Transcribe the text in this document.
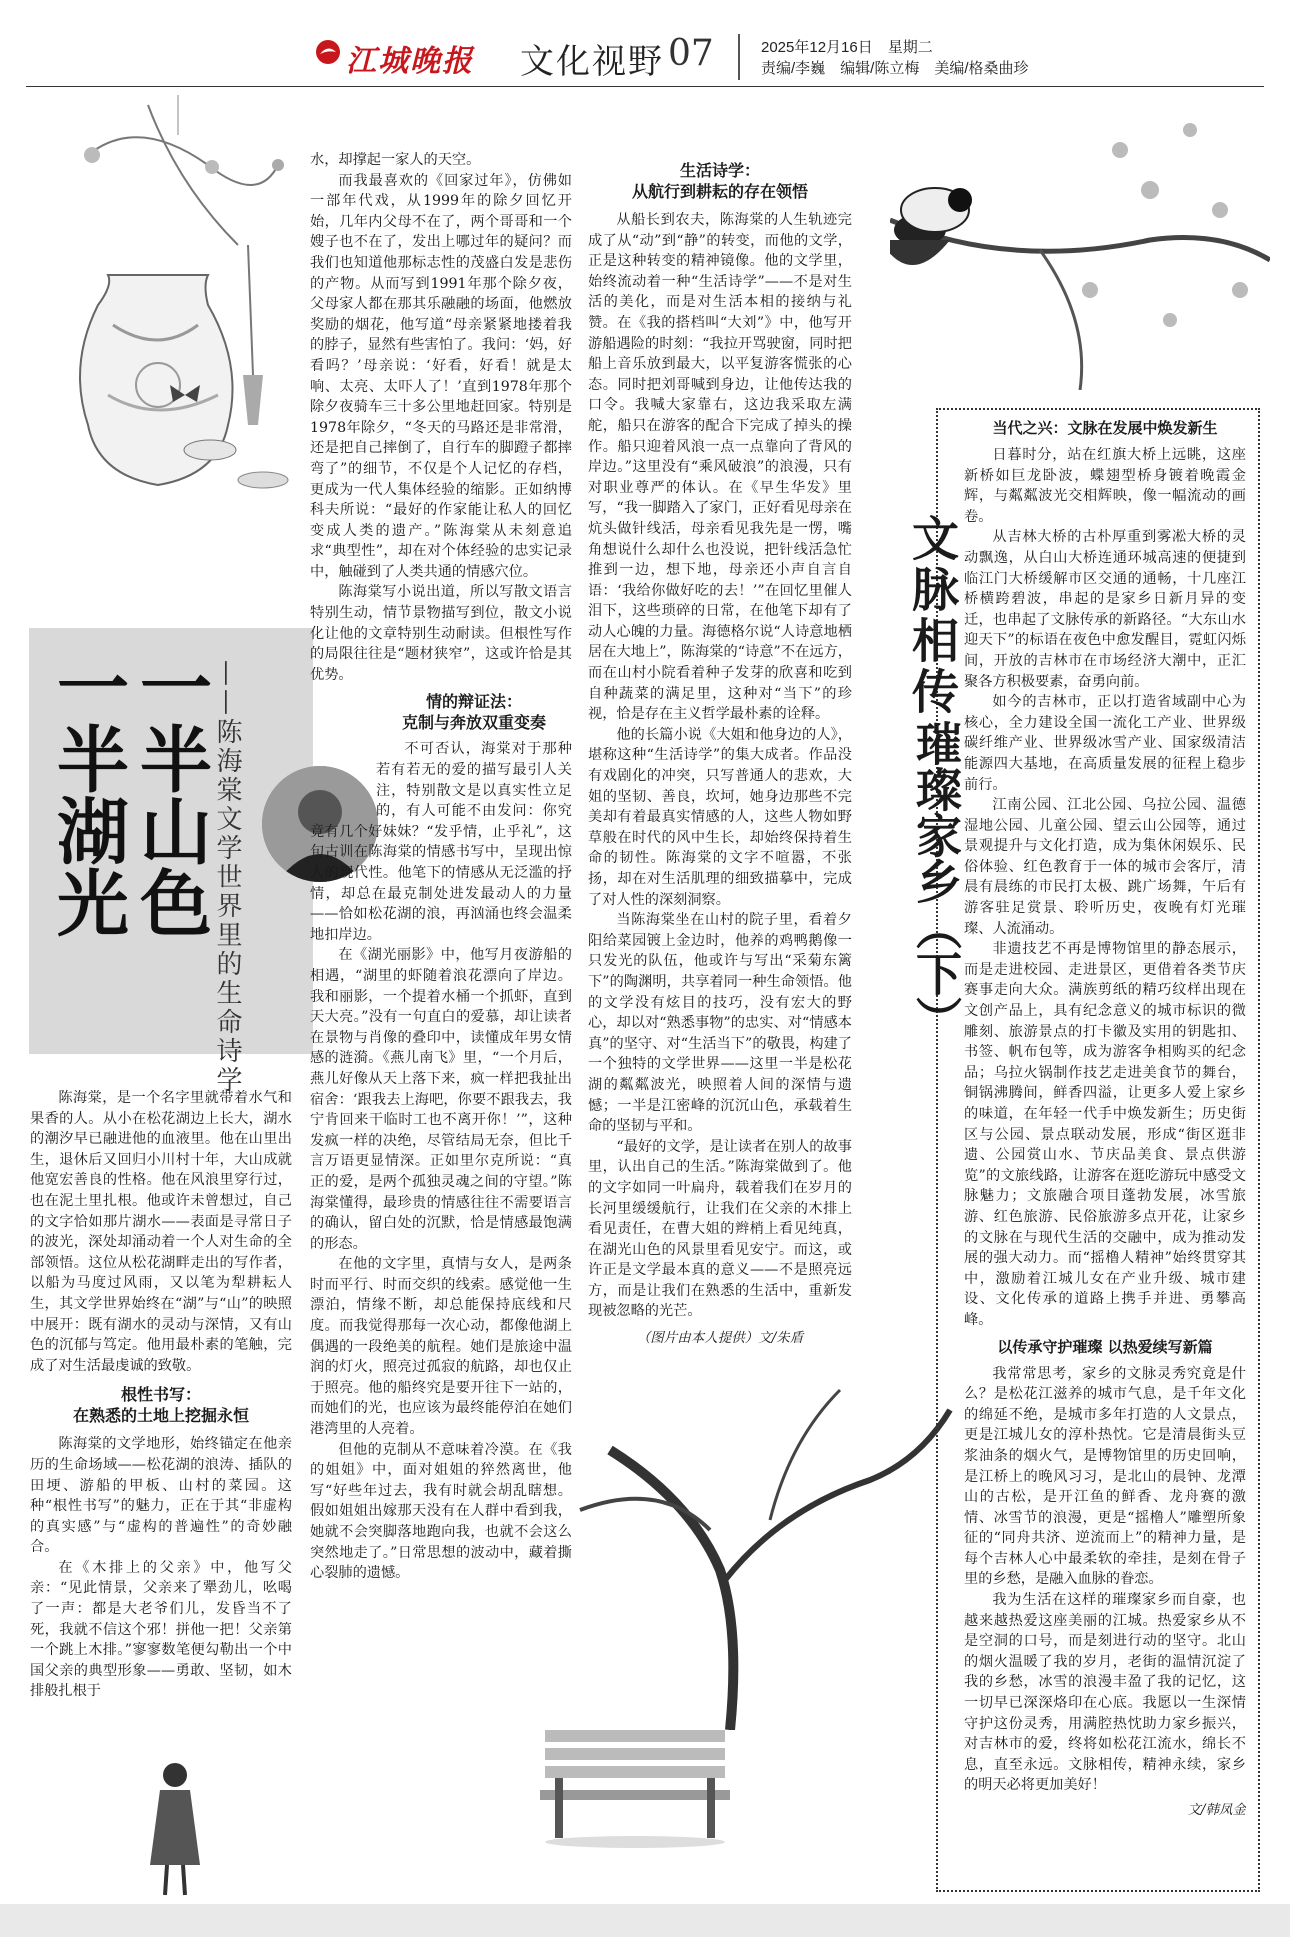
江城晚报 文化视野 07	2025年12月16日　星期二
责编/李巍　编辑/陈立梅　美编/格桑曲珍
一半山色
一半湖光	——陈海棠文学世界里的生命诗学

陈海棠，是一个名字里就带着水气和果香的人。从小在松花湖边上长大，湖水的潮汐早已融进他的血液里。他在山里出生，退休后又回归小川村十年，大山成就他宽宏善良的性格。他在风浪里穿行过，也在泥土里扎根。他或许未曾想过，自己的文字恰如那片湖水——表面是寻常日子的波光，深处却涌动着一个人对生命的全部领悟。这位从松花湖畔走出的写作者，以船为马度过风雨，又以笔为犁耕耘人生，其文学世界始终在“湖”与“山”的映照中展开：既有湖水的灵动与深情，又有山色的沉郁与笃定。他用最朴素的笔触，完成了对生活最虔诚的致敬。

根性书写：
在熟悉的土地上挖掘永恒

陈海棠的文学地形，始终锚定在他亲历的生命场域——松花湖的浪涛、插队的田埂、游船的甲板、山村的菜园。这种“根性书写”的魅力，正在于其“非虚构的真实感”与“虚构的普遍性”的奇妙融合。

在《木排上的父亲》中，他写父亲：“见此情景，父亲来了犟劲儿，吆喝了一声：都是大老爷们儿，发昏当不了死，我就不信这个邪！拼他一把！父亲第一个跳上木排。”寥寥数笔便勾勒出一个中国父亲的典型形象——勇敢、坚韧，如木排般扎根于

水，却撑起一家人的天空。

而我最喜欢的《回家过年》，仿佛如一部年代戏，从1999年的除夕回忆开始，几年内父母不在了，两个哥哥和一个嫂子也不在了，发出上哪过年的疑问？而我们也知道他那标志性的茂盛白发是悲伤的产物。从而写到1991年那个除夕夜，父母家人都在那其乐融融的场面，他燃放奖励的烟花，他写道“母亲紧紧地搂着我的脖子，显然有些害怕了。我问：‘妈，好看吗？’母亲说：‘好看，好看！就是太响、太亮、太吓人了！’直到1978年那个除夕夜骑车三十多公里地赶回家。特别是1978年除夕，“冬天的马路还是非常滑，还是把自己摔倒了，自行车的脚蹬子都摔弯了”的细节，不仅是个人记忆的存档，更成为一代人集体经验的缩影。正如纳博科夫所说：“最好的作家能让私人的回忆变成人类的遗产。”陈海棠从未刻意追求“典型性”，却在对个体经验的忠实记录中，触碰到了人类共通的情感穴位。

陈海棠写小说出道，所以写散文语言特别生动，情节景物描写到位，散文小说化让他的文章特别生动耐读。但根性写作的局限往往是“题材狭窄”，这或许恰是其优势。

情的辩证法：
克制与奔放双重变奏

不可否认，海棠对于那种若有若无的爱的描写最引人关注，特别散文是以真实性立足的，有人可能不由发问：你究竟有几个好妹妹？“发乎情，止乎礼”，这句古训在陈海棠的情感书写中，呈现出惊人的现代性。他笔下的情感从无泛滥的抒情，却总在最克制处进发最动人的力量——恰如松花湖的浪，再汹涌也终会温柔地扣岸边。

在《湖光丽影》中，他写月夜游船的相遇，“湖里的虾随着浪花漂向了岸边。我和丽影，一个提着水桶一个抓虾，直到天大亮。”没有一句直白的爱慕，却让读者在景物与肖像的叠印中，读懂成年男女情感的涟漪。《燕儿南飞》里，“一个月后，燕儿好像从天上落下来，疯一样把我扯出宿舍：‘跟我去上海吧，你要不跟我去，我宁肯回来干临时工也不离开你！’”，这种发疯一样的决绝，尽管结局无奈，但比千言万语更显情深。正如里尔克所说：“真正的爱，是两个孤独灵魂之间的守望。”陈海棠懂得，最珍贵的情感往往不需要语言的确认，留白处的沉默，恰是情感最饱满的形态。

在他的文字里，真情与女人，是两条时而平行、时而交织的线索。感觉他一生漂泊，情缘不断，却总能保持底线和尺度。而我觉得那每一次心动，都像他湖上偶遇的一段绝美的航程。她们是旅途中温润的灯火，照亮过孤寂的航路，却也仅止于照亮。他的船终究是要开往下一站的，而她们的光，也应该为最终能停泊在她们港湾里的人亮着。

但他的克制从不意味着冷漠。在《我的姐姐》中，面对姐姐的猝然离世，他写“好些年过去，我有时就会胡乱瞎想。假如姐姐出嫁那天没有在人群中看到我，她就不会突脚落地跑向我，也就不会这么突然地走了。”日常思想的波动中，藏着撕心裂肺的遗憾。

生活诗学：
从航行到耕耘的存在领悟

从船长到农夫，陈海棠的人生轨迹完成了从“动”到“静”的转变，而他的文学，正是这种转变的精神镜像。他的文学里，始终流动着一种“生活诗学”——不是对生活的美化，而是对生活本相的接纳与礼赞。在《我的搭档叫“大刘”》中，他写开游船遇险的时刻：“我拉开骂驶窗，同时把船上音乐放到最大，以平复游客慌张的心态。同时把刘哥喊到身边，让他传达我的口令。我喊大家靠右，这边我采取左满舵，船只在游客的配合下完成了掉头的操作。船只迎着风浪一点一点靠向了背风的岸边。”这里没有“乘风破浪”的浪漫，只有对职业尊严的体认。在《早生华发》里写，“我一脚踏入了家门，正好看见母亲在炕头做针线活，母亲看见我先是一愣，嘴角想说什么却什么也没说，把针线活急忙推到一边，想下地，母亲还小声自言自语：‘我给你做好吃的去！’”在回忆里催人泪下，这些琐碎的日常，在他笔下却有了动人心魄的力量。海德格尔说“人诗意地栖居在大地上”，陈海棠的“诗意”不在远方，而在山村小院看着种子发芽的欣喜和吃到自种蔬菜的满足里，这种对“当下”的珍视，恰是存在主义哲学最朴素的诠释。

他的长篇小说《大姐和他身边的人》，堪称这种“生活诗学”的集大成者。作品没有戏剧化的冲突，只写普通人的悲欢，大姐的坚韧、善良，坎坷，她身边那些不完美却有着最真实情感的人，这些人物如野草般在时代的风中生长，却始终保持着生命的韧性。陈海棠的文字不喧嚣，不张扬，却在对生活肌理的细致描摹中，完成了对人性的深刻洞察。

当陈海棠坐在山村的院子里，看着夕阳给菜园镀上金边时，他养的鸡鸭鹅像一只发光的队伍，他或许与写出“采菊东篱下”的陶渊明，共享着同一种生命领悟。他的文学没有炫目的技巧，没有宏大的野心，却以对“熟悉事物”的忠实、对“情感本真”的坚守、对“生活当下”的敬畏，构建了一个独特的文学世界——这里一半是松花湖的粼粼波光，映照着人间的深情与遗憾；一半是江密峰的沉沉山色，承载着生命的坚韧与平和。

“最好的文学，是让读者在别人的故事里，认出自己的生活。”陈海棠做到了。他的文字如同一叶扁舟，载着我们在岁月的长河里缓缓航行，让我们在父亲的木排上看见责任，在曹大姐的辫梢上看见纯真，在湖光山色的风景里看见安宁。而这，或许正是文学最本真的意义——不是照亮远方，而是让我们在熟悉的生活中，重新发现被忽略的光芒。

（图片由本人提供）文/朱盾
文脉相传
璀璨家乡（下）
当代之兴：文脉在发展中焕发新生

日暮时分，站在红旗大桥上远眺，这座新桥如巨龙卧波，蝶翅型桥身镀着晚霞金辉，与粼粼波光交相辉映，像一幅流动的画卷。

从吉林大桥的古朴厚重到雾凇大桥的灵动飘逸，从白山大桥连通环城高速的便捷到临江门大桥缓解市区交通的通畅，十几座江桥横跨碧波，串起的是家乡日新月异的变迁，也串起了文脉传承的新路径。“大东山水迎天下”的标语在夜色中愈发醒目，霓虹闪烁间，开放的吉林市在市场经济大潮中，正汇聚各方积极要素，奋勇向前。

如今的吉林市，正以打造省域副中心为核心，全力建设全国一流化工产业、世界级碳纤维产业、世界级冰雪产业、国家级清洁能源四大基地，在高质量发展的征程上稳步前行。

江南公园、江北公园、乌拉公园、温德湿地公园、儿童公园、望云山公园等，通过景观提升与文化打造，成为集休闲娱乐、民俗体验、红色教育于一体的城市会客厅，清晨有晨练的市民打太极、跳广场舞，午后有游客驻足赏景、聆听历史，夜晚有灯光璀璨、人流涌动。

非遗技艺不再是博物馆里的静态展示，而是走进校园、走进景区，更借着各类节庆赛事走向大众。满族剪纸的精巧纹样出现在文创产品上，具有纪念意义的城市标识的微雕刻、旅游景点的打卡徽及实用的钥匙扣、书签、帆布包等，成为游客争相购买的纪念品；乌拉火锅制作技艺走进美食节的舞台，铜锅沸腾间，鲜香四溢，让更多人爱上家乡的味道，在年轻一代手中焕发新生；历史街区与公园、景点联动发展，形成“街区逛非遗、公园赏山水、节庆品美食、景点供游览”的文旅线路，让游客在逛吃游玩中感受文脉魅力；文旅融合项目蓬勃发展，冰雪旅游、红色旅游、民俗旅游多点开花，让家乡的文脉在与现代生活的交融中，成为推动发展的强大动力。而“摇橹人精神”始终贯穿其中，激励着江城儿女在产业升级、城市建设、文化传承的道路上携手并进、勇攀高峰。

以传承守护璀璨 以热爱续写新篇

我常常思考，家乡的文脉灵秀究竟是什么？是松花江滋养的城市气息，是千年文化的绵延不绝，是城市多年打造的人文景点，更是江城儿女的淳朴热忱。它是清晨街头豆浆油条的烟火气，是博物馆里的历史回响，是江桥上的晚风习习，是北山的晨钟、龙潭山的古松，是开江鱼的鲜香、龙舟赛的激情、冰雪节的浪漫，更是“摇橹人”雕塑所象征的“同舟共济、逆流而上”的精神力量，是每个吉林人心中最柔软的牵挂，是刻在骨子里的乡愁，是融入血脉的眷恋。

我为生活在这样的璀璨家乡而自豪，也越来越热爱这座美丽的江城。热爱家乡从不是空洞的口号，而是刻进行动的坚守。北山的烟火温暖了我的岁月，老街的温情沉淀了我的乡愁，冰雪的浪漫丰盈了我的记忆，这一切早已深深烙印在心底。我愿以一生深情守护这份灵秀，用满腔热忱助力家乡振兴，对吉林市的爱，终将如松花江流水，绵长不息，直至永远。文脉相传，精神永续，家乡的明天必将更加美好！

文/韩凤金
